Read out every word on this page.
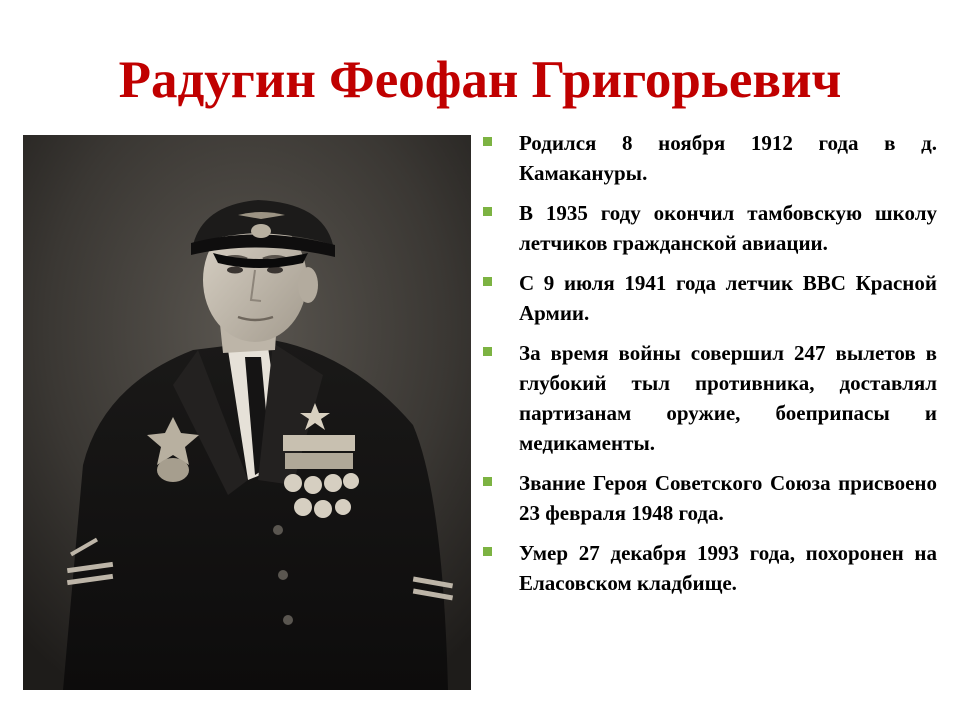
Радугин Феофан Григорьевич
Родился 8 ноября 1912 года в д. Камакануры.
В 1935 году окончил тамбовскую школу летчиков гражданской авиации.
С 9 июля 1941 года летчик ВВС Красной Армии.
За время войны совершил 247 вылетов в глубокий тыл противника, доставлял партизанам оружие, боеприпасы и медикаменты.
Звание Героя Советского Союза присвоено 23 февраля 1948 года.
Умер 27 декабря 1993 года, похоронен на Еласовском кладбище.
